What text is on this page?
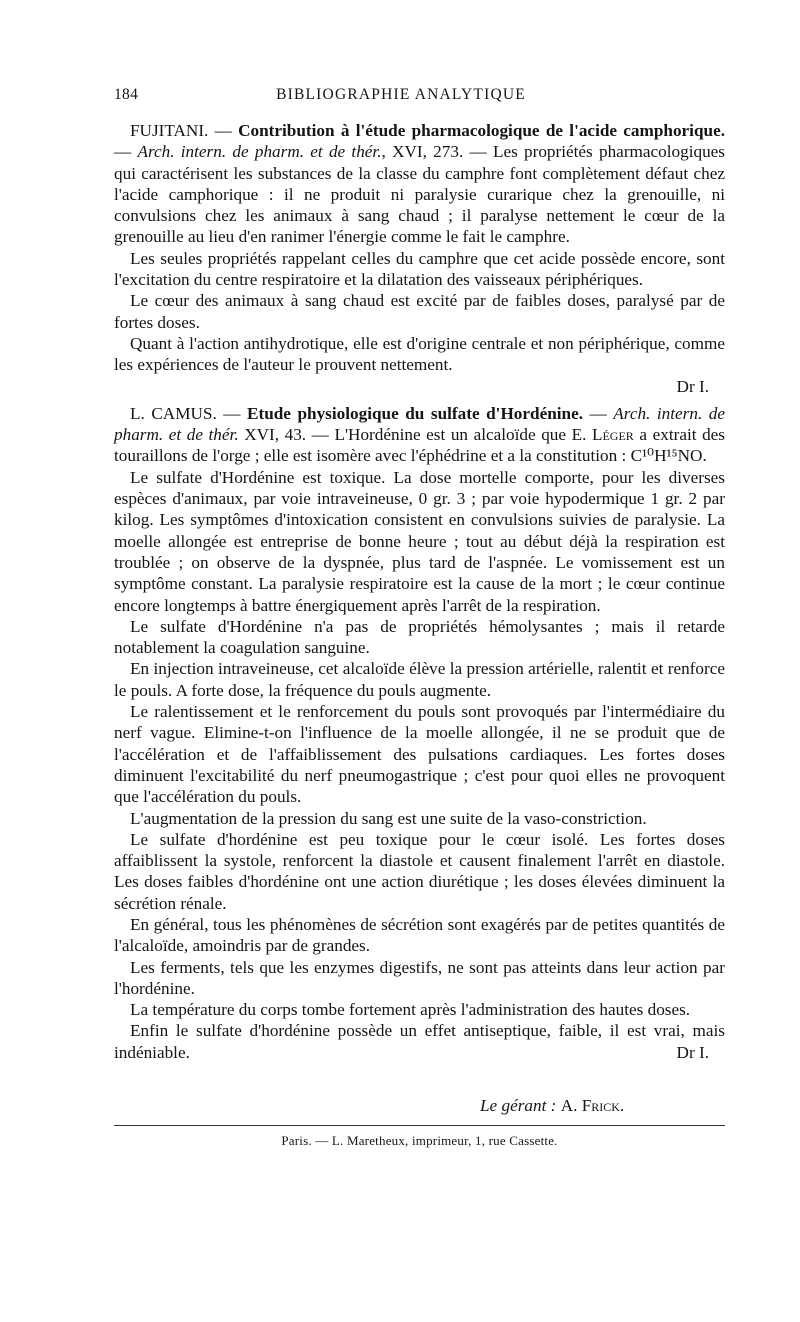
184	BIBLIOGRAPHIE ANALYTIQUE

FUJITANI. — Contribution à l'étude pharmacologique de l'acide camphorique. — Arch. intern. de pharm. et de thér., XVI, 273. — Les propriétés pharmacologiques qui caractérisent les substances de la classe du camphre font complètement défaut chez l'acide camphorique : il ne produit ni paralysie curarique chez la grenouille, ni convulsions chez les animaux à sang chaud ; il paralyse nettement le cœur de la grenouille au lieu d'en ranimer l'énergie comme le fait le camphre.

Les seules propriétés rappelant celles du camphre que cet acide possède encore, sont l'excitation du centre respiratoire et la dilatation des vaisseaux périphériques.

Le cœur des animaux à sang chaud est excité par de faibles doses, paralysé par de fortes doses.

Quant à l'action antihydrotique, elle est d'origine centrale et non périphérique, comme les expériences de l'auteur le prouvent nettement.

Dr I.

L. CAMUS. — Etude physiologique du sulfate d'Hordénine. — Arch. intern. de pharm. et de thér. XVI, 43. — L'Hordénine est un alcaloïde que E. Léger a extrait des touraillons de l'orge ; elle est isomère avec l'éphédrine et a la constitution : C¹⁰H¹⁵NO.

Le sulfate d'Hordénine est toxique. La dose mortelle comporte, pour les diverses espèces d'animaux, par voie intraveineuse, 0 gr. 3 ; par voie hypodermique 1 gr. 2 par kilog. Les symptômes d'intoxication consistent en convulsions suivies de paralysie. La moelle allongée est entreprise de bonne heure ; tout au début déjà la respiration est troublée ; on observe de la dyspnée, plus tard de l'aspnée. Le vomissement est un symptôme constant. La paralysie respiratoire est la cause de la mort ; le cœur continue encore longtemps à battre énergiquement après l'arrêt de la respiration.

Le sulfate d'Hordénine n'a pas de propriétés hémolysantes ; mais il retarde notablement la coagulation sanguine.

En injection intraveineuse, cet alcaloïde élève la pression artérielle, ralentit et renforce le pouls. A forte dose, la fréquence du pouls augmente.

Le ralentissement et le renforcement du pouls sont provoqués par l'intermédiaire du nerf vague. Elimine-t-on l'influence de la moelle allongée, il ne se produit que de l'accélération et de l'affaiblissement des pulsations cardiaques. Les fortes doses diminuent l'excitabilité du nerf pneumogastrique ; c'est pour quoi elles ne provoquent que l'accélération du pouls.

L'augmentation de la pression du sang est une suite de la vaso-constriction.

Le sulfate d'hordénine est peu toxique pour le cœur isolé. Les fortes doses affaiblissent la systole, renforcent la diastole et causent finalement l'arrêt en diastole. Les doses faibles d'hordénine ont une action diurétique ; les doses élevées diminuent la sécrétion rénale.

En général, tous les phénomènes de sécrétion sont exagérés par de petites quantités de l'alcaloïde, amoindris par de grandes.

Les ferments, tels que les enzymes digestifs, ne sont pas atteints dans leur action par l'hordénine.

La température du corps tombe fortement après l'administration des hautes doses.

Enfin le sulfate d'hordénine possède un effet antiseptique, faible, il est vrai, mais indéniable.	Dr I.

Le gérant : A. Frick.
Paris. — L. Maretheux, imprimeur, 1, rue Cassette.
